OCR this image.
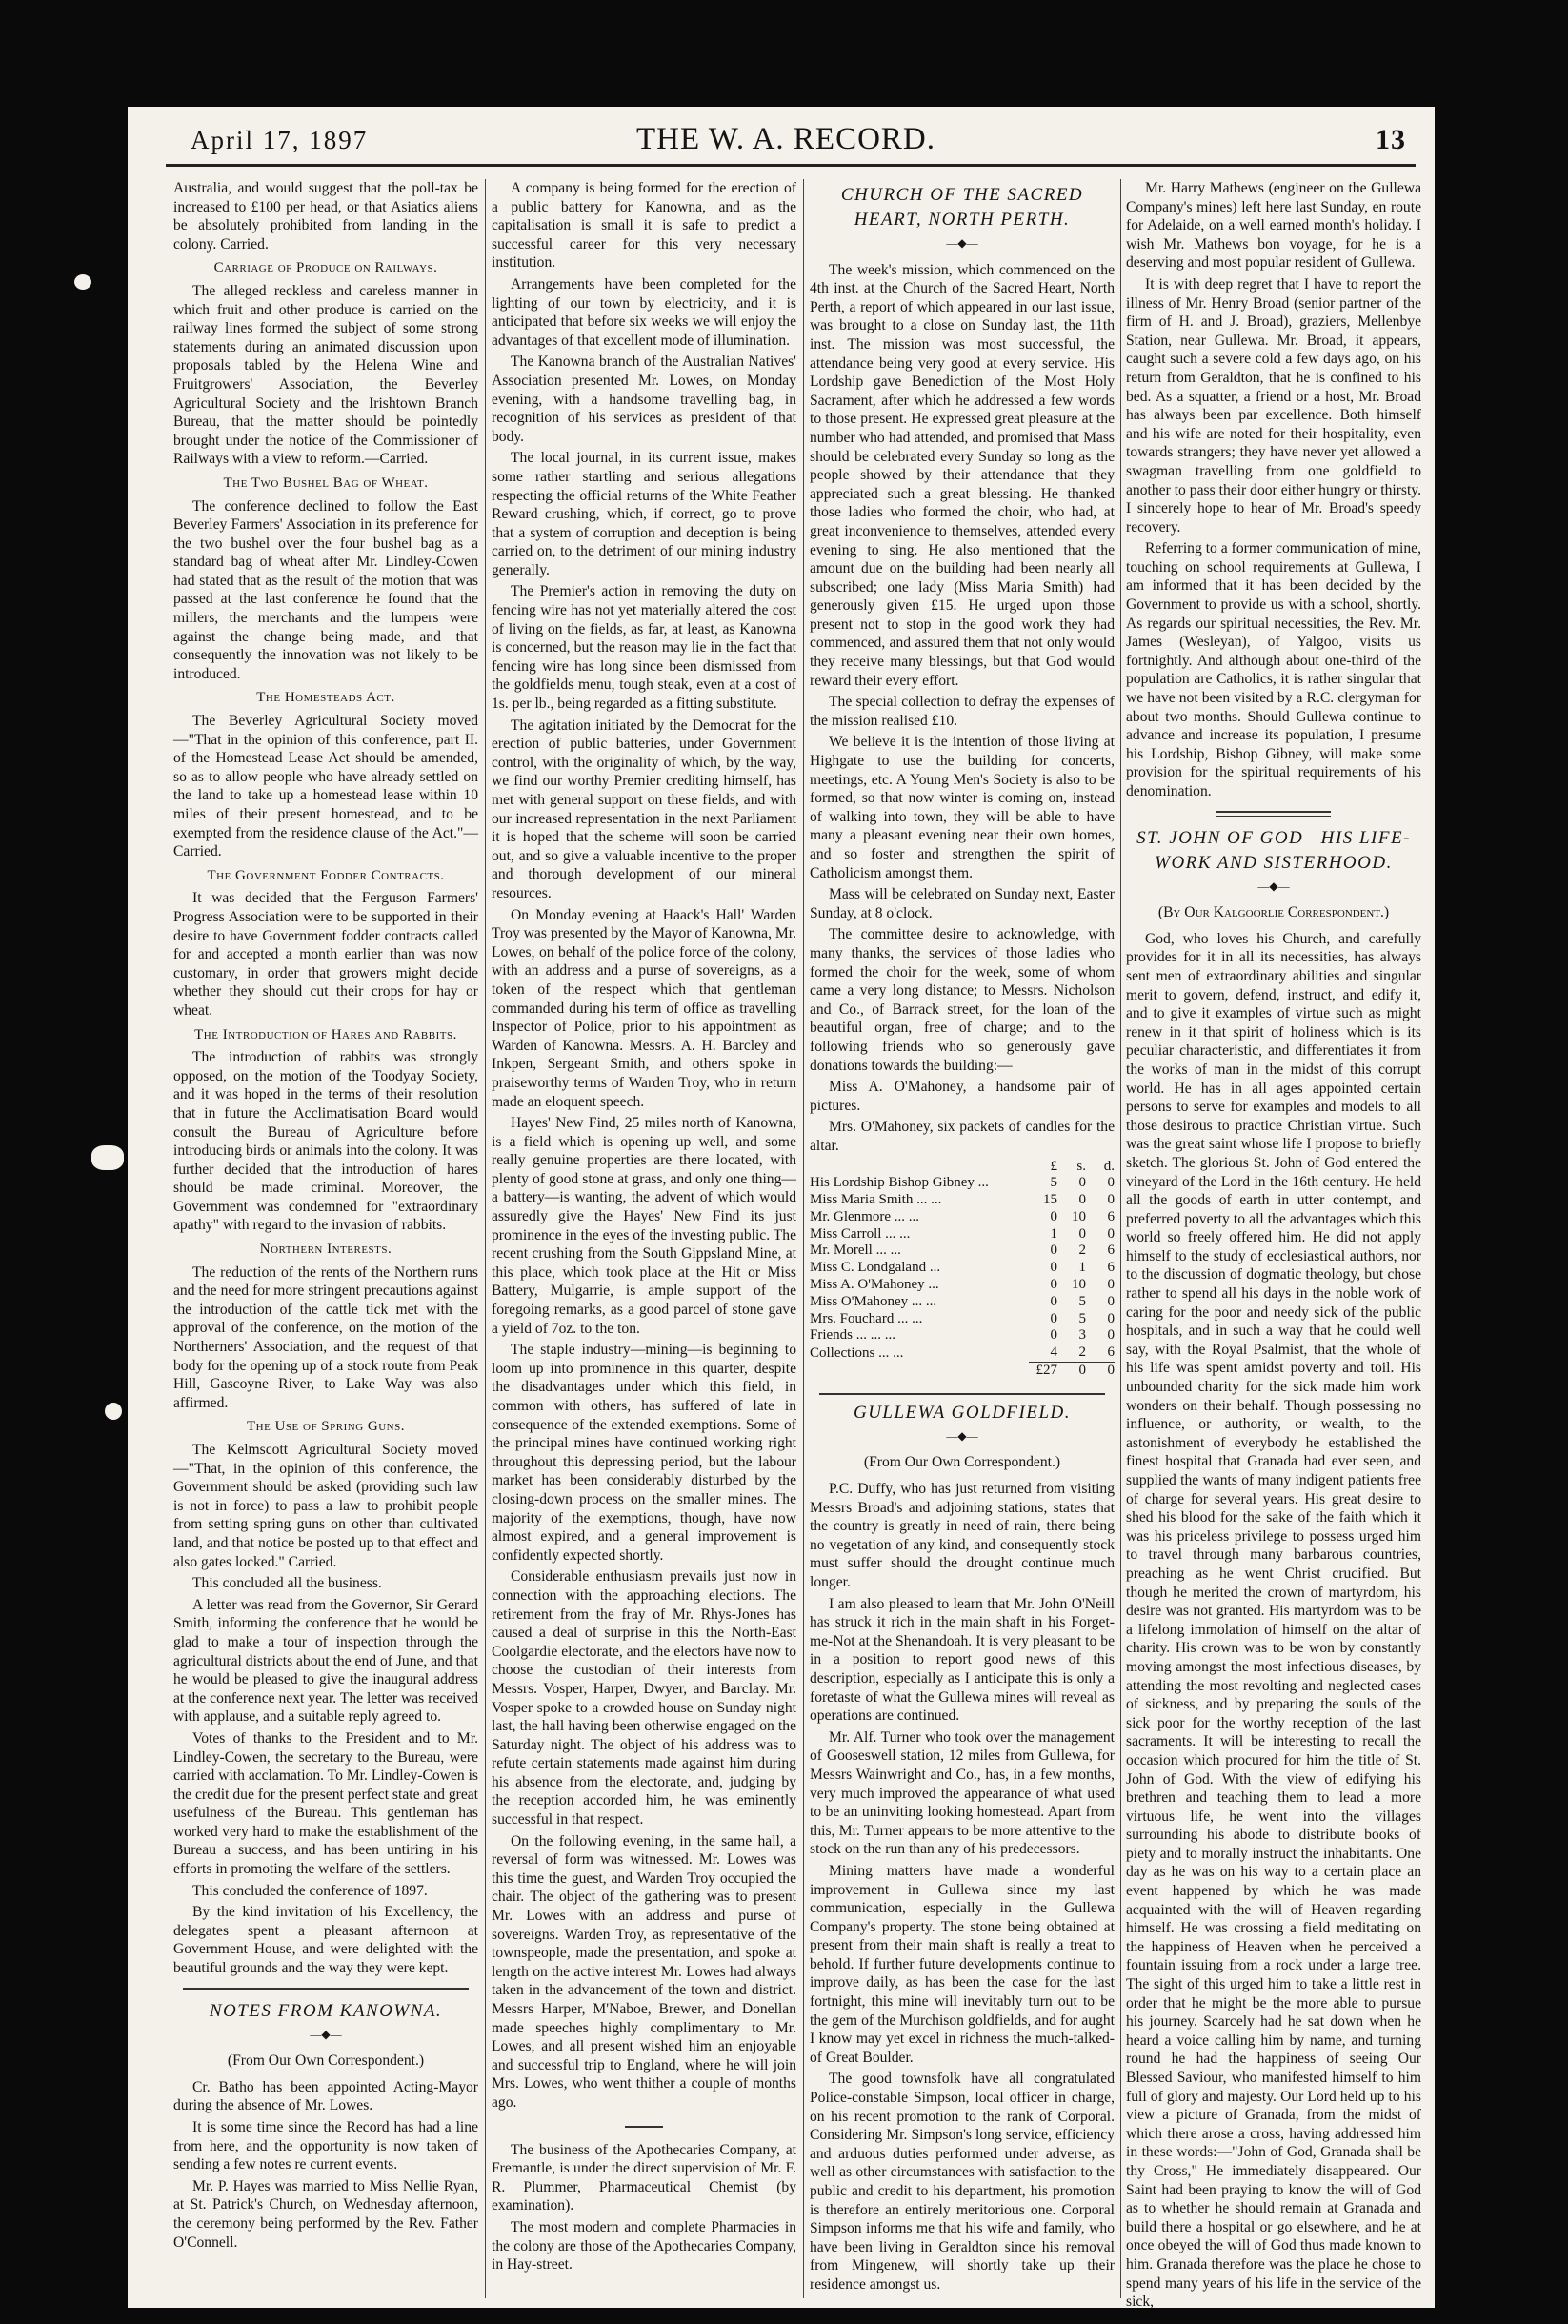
April 17, 1897	THE W. A. RECORD.	13

Australia, and would suggest that the poll-tax be increased to £100 per head, or that Asiatics aliens be absolutely prohibited from landing in the colony. Carried.

Carriage of Produce on Railways.

The alleged reckless and careless manner in which fruit and other produce is carried on the railway lines formed the subject of some strong statements during an animated discussion upon proposals tabled by the Helena Wine and Fruitgrowers' Association, the Beverley Agricultural Society and the Irishtown Branch Bureau, that the matter should be pointedly brought under the notice of the Commissioner of Railways with a view to reform.—Carried.

The Two Bushel Bag of Wheat.

The conference declined to follow the East Beverley Farmers' Association in its preference for the two bushel over the four bushel bag as a standard bag of wheat after Mr. Lindley-Cowen had stated that as the result of the motion that was passed at the last conference he found that the millers, the merchants and the lumpers were against the change being made, and that consequently the innovation was not likely to be introduced.

The Homesteads Act.

The Beverley Agricultural Society moved—"That in the opinion of this conference, part II. of the Homestead Lease Act should be amended, so as to allow people who have already settled on the land to take up a homestead lease within 10 miles of their present homestead, and to be exempted from the residence clause of the Act."—Carried.

The Government Fodder Contracts.

It was decided that the Ferguson Farmers' Progress Association were to be supported in their desire to have Government fodder contracts called for and accepted a month earlier than was now customary, in order that growers might decide whether they should cut their crops for hay or wheat.

The Introduction of Hares and Rabbits.

The introduction of rabbits was strongly opposed, on the motion of the Toodyay Society, and it was hoped in the terms of their resolution that in future the Acclimatisation Board would consult the Bureau of Agriculture before introducing birds or animals into the colony. It was further decided that the introduction of hares should be made criminal. Moreover, the Government was condemned for "extraordinary apathy" with regard to the invasion of rabbits.

Northern Interests.

The reduction of the rents of the Northern runs and the need for more stringent precautions against the introduction of the cattle tick met with the approval of the conference, on the motion of the Northerners' Association, and the request of that body for the opening up of a stock route from Peak Hill, Gascoyne River, to Lake Way was also affirmed.

The Use of Spring Guns.

The Kelmscott Agricultural Society moved—"That, in the opinion of this conference, the Government should be asked (providing such law is not in force) to pass a law to prohibit people from setting spring guns on other than cultivated land, and that notice be posted up to that effect and also gates locked." Carried.

This concluded all the business.

A letter was read from the Governor, Sir Gerard Smith, informing the conference that he would be glad to make a tour of inspection through the agricultural districts about the end of June, and that he would be pleased to give the inaugural address at the conference next year. The letter was received with applause, and a suitable reply agreed to.

Votes of thanks to the President and to Mr. Lindley-Cowen, the secretary to the Bureau, were carried with acclamation. To Mr. Lindley-Cowen is the credit due for the present perfect state and great usefulness of the Bureau. This gentleman has worked very hard to make the establishment of the Bureau a success, and has been untiring in his efforts in promoting the welfare of the settlers.

This concluded the conference of 1897.

By the kind invitation of his Excellency, the delegates spent a pleasant afternoon at Government House, and were delighted with the beautiful grounds and the way they were kept.

NOTES FROM KANOWNA.
—◆—

(From Our Own Correspondent.)

Cr. Batho has been appointed Acting-Mayor during the absence of Mr. Lowes.

It is some time since the Record has had a line from here, and the opportunity is now taken of sending a few notes re current events.

Mr. P. Hayes was married to Miss Nellie Ryan, at St. Patrick's Church, on Wednesday afternoon, the ceremony being performed by the Rev. Father O'Connell.

A company is being formed for the erection of a public battery for Kanowna, and as the capitalisation is small it is safe to predict a successful career for this very necessary institution.

Arrangements have been completed for the lighting of our town by electricity, and it is anticipated that before six weeks we will enjoy the advantages of that excellent mode of illumination.

The Kanowna branch of the Australian Natives' Association presented Mr. Lowes, on Monday evening, with a handsome travelling bag, in recognition of his services as president of that body.

The local journal, in its current issue, makes some rather startling and serious allegations respecting the official returns of the White Feather Reward crushing, which, if correct, go to prove that a system of corruption and deception is being carried on, to the detriment of our mining industry generally.

The Premier's action in removing the duty on fencing wire has not yet materially altered the cost of living on the fields, as far, at least, as Kanowna is concerned, but the reason may lie in the fact that fencing wire has long since been dismissed from the goldfields menu, tough steak, even at a cost of 1s. per lb., being regarded as a fitting substitute.

The agitation initiated by the Democrat for the erection of public batteries, under Government control, with the originality of which, by the way, we find our worthy Premier crediting himself, has met with general support on these fields, and with our increased representation in the next Parliament it is hoped that the scheme will soon be carried out, and so give a valuable incentive to the proper and thorough development of our mineral resources.

On Monday evening at Haack's Hall' Warden Troy was presented by the Mayor of Kanowna, Mr. Lowes, on behalf of the police force of the colony, with an address and a purse of sovereigns, as a token of the respect which that gentleman commanded during his term of office as travelling Inspector of Police, prior to his appointment as Warden of Kanowna. Messrs. A. H. Barcley and Inkpen, Sergeant Smith, and others spoke in praiseworthy terms of Warden Troy, who in return made an eloquent speech.

Hayes' New Find, 25 miles north of Kanowna, is a field which is opening up well, and some really genuine properties are there located, with plenty of good stone at grass, and only one thing—a battery—is wanting, the advent of which would assuredly give the Hayes' New Find its just prominence in the eyes of the investing public. The recent crushing from the South Gippsland Mine, at this place, which took place at the Hit or Miss Battery, Mulgarrie, is ample support of the foregoing remarks, as a good parcel of stone gave a yield of 7oz. to the ton.

The staple industry—mining—is beginning to loom up into prominence in this quarter, despite the disadvantages under which this field, in common with others, has suffered of late in consequence of the extended exemptions. Some of the principal mines have continued working right throughout this depressing period, but the labour market has been considerably disturbed by the closing-down process on the smaller mines. The majority of the exemptions, though, have now almost expired, and a general improvement is confidently expected shortly.

Considerable enthusiasm prevails just now in connection with the approaching elections. The retirement from the fray of Mr. Rhys-Jones has caused a deal of surprise in this the North-East Coolgardie electorate, and the electors have now to choose the custodian of their interests from Messrs. Vosper, Harper, Dwyer, and Barclay. Mr. Vosper spoke to a crowded house on Sunday night last, the hall having been otherwise engaged on the Saturday night. The object of his address was to refute certain statements made against him during his absence from the electorate, and, judging by the reception accorded him, he was eminently successful in that respect.

On the following evening, in the same hall, a reversal of form was witnessed. Mr. Lowes was this time the guest, and Warden Troy occupied the chair. The object of the gathering was to present Mr. Lowes with an address and purse of sovereigns. Warden Troy, as representative of the townspeople, made the presentation, and spoke at length on the active interest Mr. Lowes had always taken in the advancement of the town and district. Messrs Harper, M'Naboe, Brewer, and Donellan made speeches highly complimentary to Mr. Lowes, and all present wished him an enjoyable and successful trip to England, where he will join Mrs. Lowes, who went thither a couple of months ago.

The business of the Apothecaries Company, at Fremantle, is under the direct supervision of Mr. F. R. Plummer, Pharmaceutical Chemist (by examination).

The most modern and complete Pharmacies in the colony are those of the Apothecaries Company, in Hay-street.

CHURCH OF THE SACRED HEART, NORTH PERTH.
—◆—

The week's mission, which commenced on the 4th inst. at the Church of the Sacred Heart, North Perth, a report of which appeared in our last issue, was brought to a close on Sunday last, the 11th inst. The mission was most successful, the attendance being very good at every service. His Lordship gave Benediction of the Most Holy Sacrament, after which he addressed a few words to those present. He expressed great pleasure at the number who had attended, and promised that Mass should be celebrated every Sunday so long as the people showed by their attendance that they appreciated such a great blessing. He thanked those ladies who formed the choir, who had, at great inconvenience to themselves, attended every evening to sing. He also mentioned that the amount due on the building had been nearly all subscribed; one lady (Miss Maria Smith) had generously given £15. He urged upon those present not to stop in the good work they had commenced, and assured them that not only would they receive many blessings, but that God would reward their every effort.

The special collection to defray the expenses of the mission realised £10.

We believe it is the intention of those living at Highgate to use the building for concerts, meetings, etc. A Young Men's Society is also to be formed, so that now winter is coming on, instead of walking into town, they will be able to have many a pleasant evening near their own homes, and so foster and strengthen the spirit of Catholicism amongst them.

Mass will be celebrated on Sunday next, Easter Sunday, at 8 o'clock.

The committee desire to acknowledge, with many thanks, the services of those ladies who formed the choir for the week, some of whom came a very long distance; to Messrs. Nicholson and Co., of Barrack street, for the loan of the beautiful organ, free of charge; and to the following friends who so generously gave donations towards the building:—

Miss A. O'Mahoney, a handsome pair of pictures.

Mrs. O'Mahoney, six packets of candles for the altar.

	£	s.	d.
His Lordship Bishop Gibney ...	5	0	0
Miss Maria Smith ... ...	15	0	0
Mr. Glenmore ... ...	0	10	6
Miss Carroll ... ...	1	0	0
Mr. Morell ... ...	0	2	6
Miss C. Londgaland ...	0	1	6
Miss A. O'Mahoney ...	0	10	0
Miss O'Mahoney ... ...	0	5	0
Mrs. Fouchard ... ...	0	5	0
Friends ... ... ...	0	3	0
Collections ... ...	4	2	6
	£27	0	0
GULLEWA GOLDFIELD.
—◆—

(From Our Own Correspondent.)

P.C. Duffy, who has just returned from visiting Messrs Broad's and adjoining stations, states that the country is greatly in need of rain, there being no vegetation of any kind, and consequently stock must suffer should the drought continue much longer.

I am also pleased to learn that Mr. John O'Neill has struck it rich in the main shaft in his Forget-me-Not at the Shenandoah. It is very pleasant to be in a position to report good news of this description, especially as I anticipate this is only a foretaste of what the Gullewa mines will reveal as operations are continued.

Mr. Alf. Turner who took over the management of Gooseswell station, 12 miles from Gullewa, for Messrs Wainwright and Co., has, in a few months, very much improved the appearance of what used to be an uninviting looking homestead. Apart from this, Mr. Turner appears to be more attentive to the stock on the run than any of his predecessors.

Mining matters have made a wonderful improvement in Gullewa since my last communication, especially in the Gullewa Company's property. The stone being obtained at present from their main shaft is really a treat to behold. If further future developments continue to improve daily, as has been the case for the last fortnight, this mine will inevitably turn out to be the gem of the Murchison goldfields, and for aught I know may yet excel in richness the much-talked-of Great Boulder.

The good townsfolk have all congratulated Police-constable Simpson, local officer in charge, on his recent promotion to the rank of Corporal. Considering Mr. Simpson's long service, efficiency and arduous duties performed under adverse, as well as other circumstances with satisfaction to the public and credit to his department, his promotion is therefore an entirely meritorious one. Corporal Simpson informs me that his wife and family, who have been living in Geraldton since his removal from Mingenew, will shortly take up their residence amongst us.

Mr. Harry Mathews (engineer on the Gullewa Company's mines) left here last Sunday, en route for Adelaide, on a well earned month's holiday. I wish Mr. Mathews bon voyage, for he is a deserving and most popular resident of Gullewa.

It is with deep regret that I have to report the illness of Mr. Henry Broad (senior partner of the firm of H. and J. Broad), graziers, Mellenbye Station, near Gullewa. Mr. Broad, it appears, caught such a severe cold a few days ago, on his return from Geraldton, that he is confined to his bed. As a squatter, a friend or a host, Mr. Broad has always been par excellence. Both himself and his wife are noted for their hospitality, even towards strangers; they have never yet allowed a swagman travelling from one goldfield to another to pass their door either hungry or thirsty. I sincerely hope to hear of Mr. Broad's speedy recovery.

Referring to a former communication of mine, touching on school requirements at Gullewa, I am informed that it has been decided by the Government to provide us with a school, shortly. As regards our spiritual necessities, the Rev. Mr. James (Wesleyan), of Yalgoo, visits us fortnightly. And although about one-third of the population are Catholics, it is rather singular that we have not been visited by a R.C. clergyman for about two months. Should Gullewa continue to advance and increase its population, I presume his Lordship, Bishop Gibney, will make some provision for the spiritual requirements of his denomination.

ST. JOHN OF GOD—HIS LIFE-WORK AND SISTERHOOD.
—◆—

(By Our Kalgoorlie Correspondent.)

God, who loves his Church, and carefully provides for it in all its necessities, has always sent men of extraordinary abilities and singular merit to govern, defend, instruct, and edify it, and to give it examples of virtue such as might renew in it that spirit of holiness which is its peculiar characteristic, and differentiates it from the works of man in the midst of this corrupt world. He has in all ages appointed certain persons to serve for examples and models to all those desirous to practice Christian virtue. Such was the great saint whose life I propose to briefly sketch. The glorious St. John of God entered the vineyard of the Lord in the 16th century. He held all the goods of earth in utter contempt, and preferred poverty to all the advantages which this world so freely offered him. He did not apply himself to the study of ecclesiastical authors, nor to the discussion of dogmatic theology, but chose rather to spend all his days in the noble work of caring for the poor and needy sick of the public hospitals, and in such a way that he could well say, with the Royal Psalmist, that the whole of his life was spent amidst poverty and toil. His unbounded charity for the sick made him work wonders on their behalf. Though possessing no influence, or authority, or wealth, to the astonishment of everybody he established the finest hospital that Granada had ever seen, and supplied the wants of many indigent patients free of charge for several years. His great desire to shed his blood for the sake of the faith which it was his priceless privilege to possess urged him to travel through many barbarous countries, preaching as he went Christ crucified. But though he merited the crown of martyrdom, his desire was not granted. His martyrdom was to be a lifelong immolation of himself on the altar of charity. His crown was to be won by constantly moving amongst the most infectious diseases, by attending the most revolting and neglected cases of sickness, and by preparing the souls of the sick poor for the worthy reception of the last sacraments. It will be interesting to recall the occasion which procured for him the title of St. John of God. With the view of edifying his brethren and teaching them to lead a more virtuous life, he went into the villages surrounding his abode to distribute books of piety and to morally instruct the inhabitants. One day as he was on his way to a certain place an event happened by which he was made acquainted with the will of Heaven regarding himself. He was crossing a field meditating on the happiness of Heaven when he perceived a fountain issuing from a rock under a large tree. The sight of this urged him to take a little rest in order that he might be the more able to pursue his journey. Scarcely had he sat down when he heard a voice calling him by name, and turning round he had the happiness of seeing Our Blessed Saviour, who manifested himself to him full of glory and majesty. Our Lord held up to his view a picture of Granada, from the midst of which there arose a cross, having addressed him in these words:—"John of God, Granada shall be thy Cross," He immediately disappeared. Our Saint had been praying to know the will of God as to whether he should remain at Granada and build there a hospital or go elsewhere, and he at once obeyed the will of God thus made known to him. Granada therefore was the place he chose to spend many years of his life in the service of the sick,
